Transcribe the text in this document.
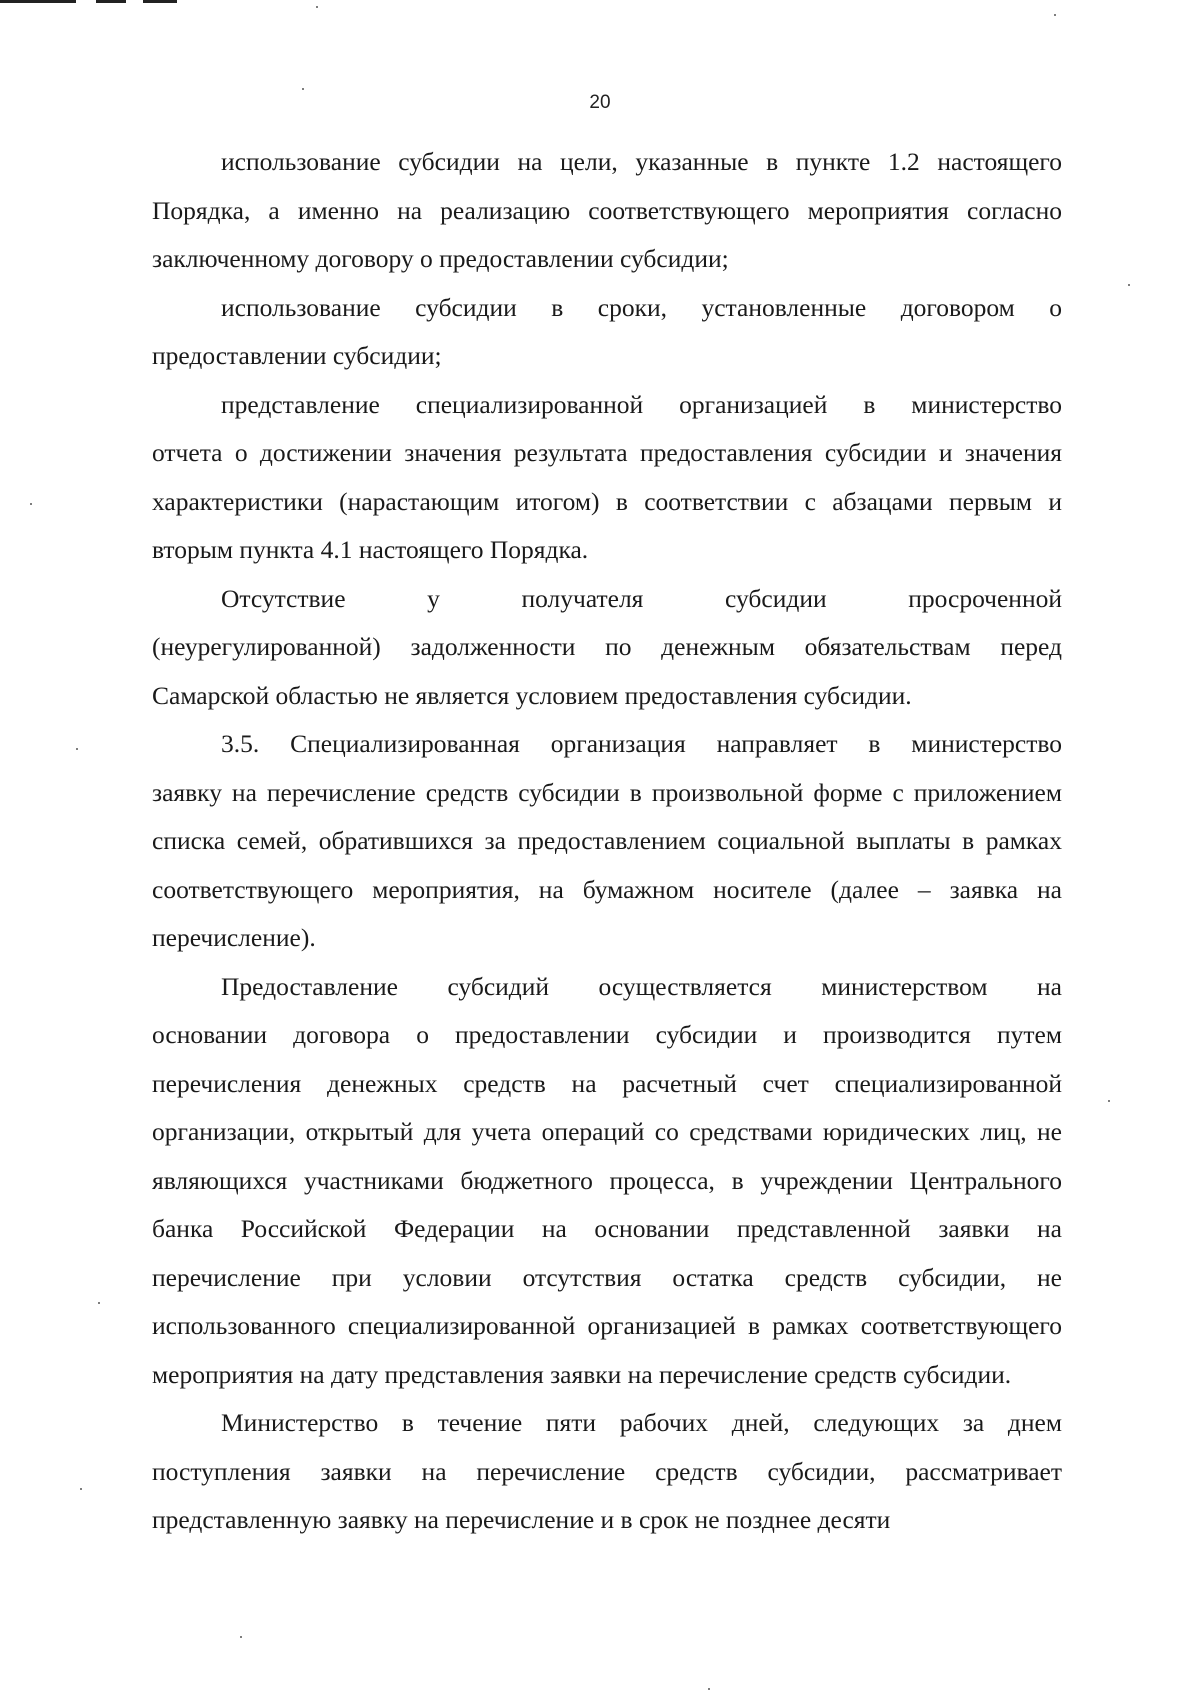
20

использование субсидии на цели, указанные в пункте 1.2 настоящего
Порядка, а именно на реализацию соответствующего мероприятия согласно заключенному договору о предоставлении субсидии;

использование субсидии в сроки, установленные договором о
предоставлении субсидии;

представление специализированной организацией в министерство
отчета о достижении значения результата предоставления субсидии и значения характеристики (нарастающим итогом) в соответствии с абзацами первым и вторым пункта 4.1 настоящего Порядка.

Отсутствие у получателя субсидии просроченной
(неурегулированной) задолженности по денежным обязательствам перед Самарской областью не является условием предоставления субсидии.

3.5. Специализированная организация направляет в министерство
заявку на перечисление средств субсидии в произвольной форме с приложением списка семей, обратившихся за предоставлением социальной выплаты в рамках соответствующего мероприятия, на бумажном носителе (далее – заявка на перечисление).

Предоставление субсидий осуществляется министерством на
основании договора о предоставлении субсидии и производится путем перечисления денежных средств на расчетный счет специализированной организации, открытый для учета операций со средствами юридических лиц, не являющихся участниками бюджетного процесса, в учреждении Центрального банка Российской Федерации на основании представленной заявки на перечисление при условии отсутствия остатка средств субсидии, не использованного специализированной организацией в рамках соответствующего мероприятия на дату представления заявки на перечисление средств субсидии.

Министерство в течение пяти рабочих дней, следующих за днем
поступления заявки на перечисление средств субсидии, рассматривает представленную заявку на перечисление и в срок не позднее десяти
